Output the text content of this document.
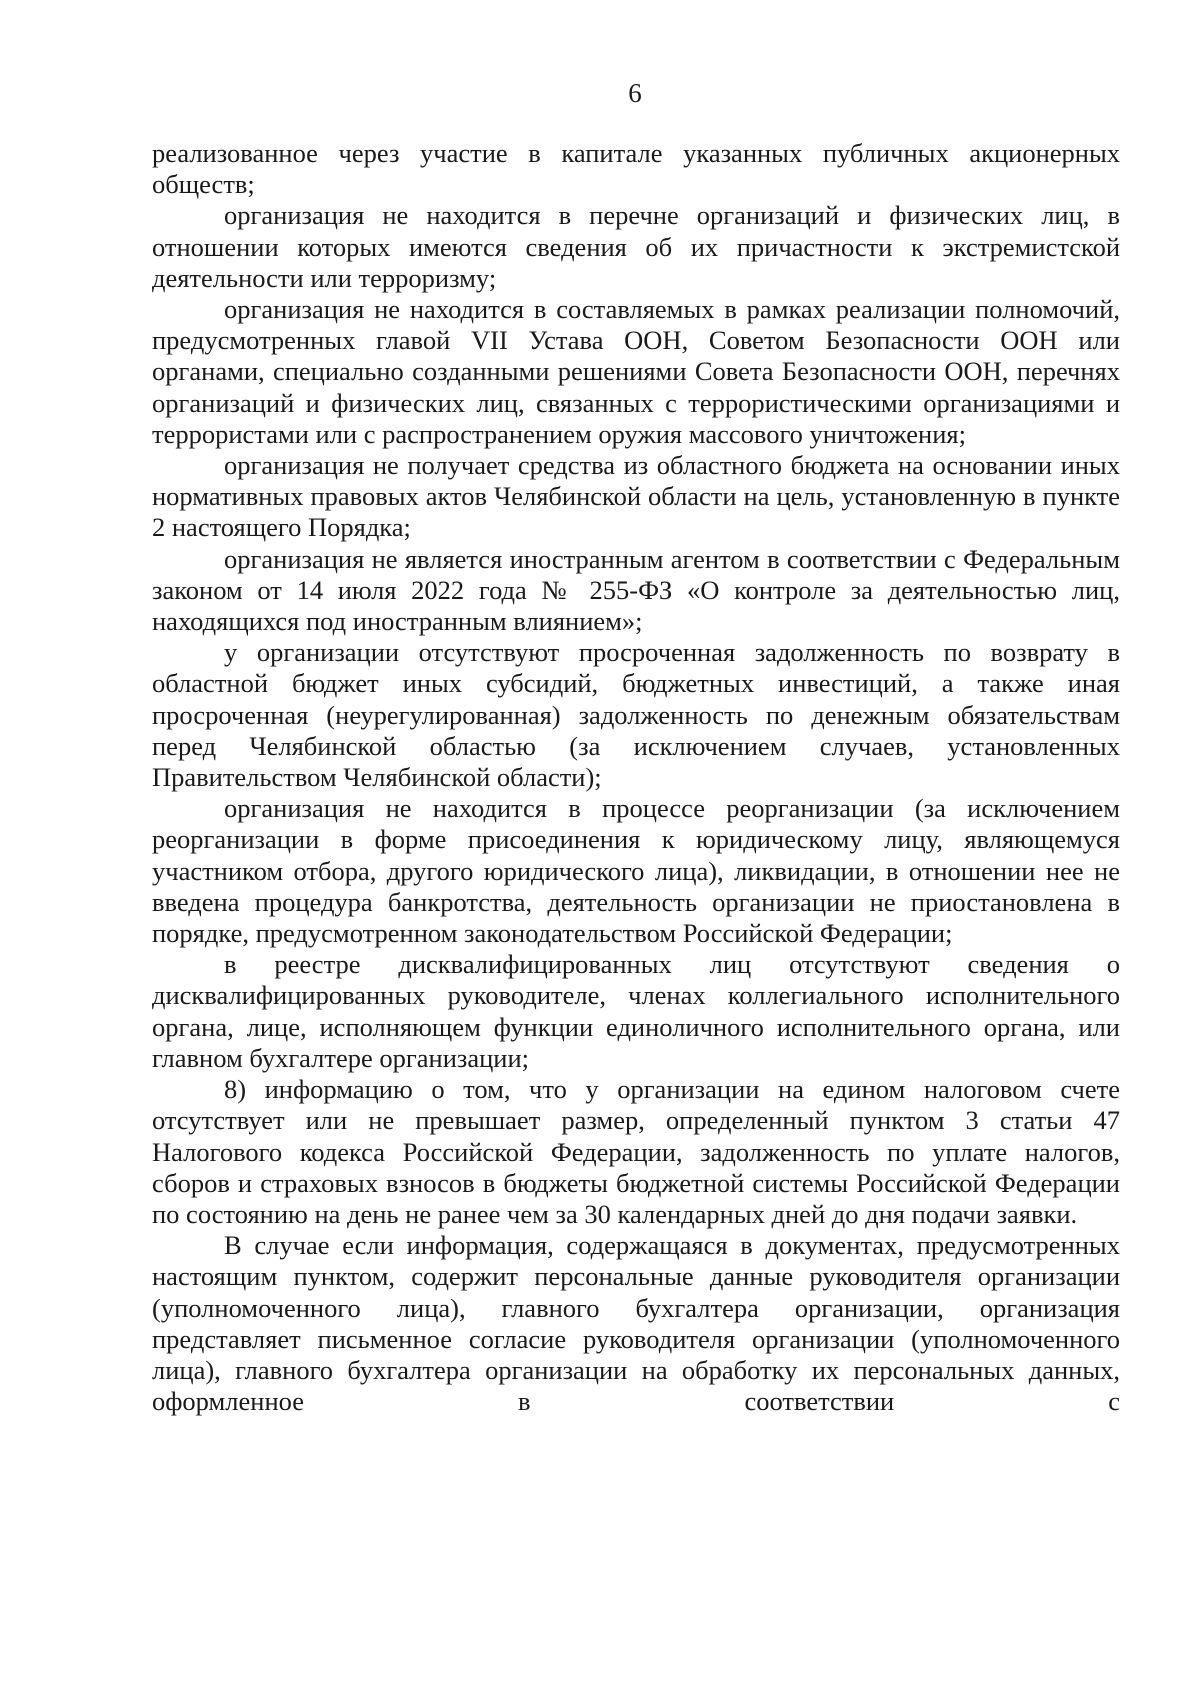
6

реализованное через участие в капитале указанных публичных акционерных обществ;

организация не находится в перечне организаций и физических лиц, в отношении которых имеются сведения об их причастности к экстремистской деятельности или терроризму;

организация не находится в составляемых в рамках реализации полномочий, предусмотренных главой VII Устава ООН, Советом Безопасности ООН или органами, специально созданными решениями Совета Безопасности ООН, перечнях организаций и физических лиц, связанных с террористическими организациями и террористами или с распространением оружия массового уничтожения;

организация не получает средства из областного бюджета на основании иных нормативных правовых актов Челябинской области на цель, установленную в пункте 2 настоящего Порядка;

организация не является иностранным агентом в соответствии с Федеральным законом от 14 июля 2022 года № 255-ФЗ «О контроле за деятельностью лиц, находящихся под иностранным влиянием»;

у организации отсутствуют просроченная задолженность по возврату в областной бюджет иных субсидий, бюджетных инвестиций, а также иная просроченная (неурегулированная) задолженность по денежным обязательствам перед Челябинской областью (за исключением случаев, установленных Правительством Челябинской области);

организация не находится в процессе реорганизации (за исключением реорганизации в форме присоединения к юридическому лицу, являющемуся участником отбора, другого юридического лица), ликвидации, в отношении нее не введена процедура банкротства, деятельность организации не приостановлена в порядке, предусмотренном законодательством Российской Федерации;

в реестре дисквалифицированных лиц отсутствуют сведения о дисквалифицированных руководителе, членах коллегиального исполнительного органа, лице, исполняющем функции единоличного исполнительного органа, или главном бухгалтере организации;

8) информацию о том, что у организации на едином налоговом счете отсутствует или не превышает размер, определенный пунктом 3 статьи 47 Налогового кодекса Российской Федерации, задолженность по уплате налогов, сборов и страховых взносов в бюджеты бюджетной системы Российской Федерации по состоянию на день не ранее чем за 30 календарных дней до дня подачи заявки.

В случае если информация, содержащаяся в документах, предусмотренных настоящим пунктом, содержит персональные данные руководителя организации (уполномоченного лица), главного бухгалтера организации, организация представляет письменное согласие руководителя организации (уполномоченного лица), главного бухгалтера организации на обработку их персональных данных, оформленное в соответствии с
